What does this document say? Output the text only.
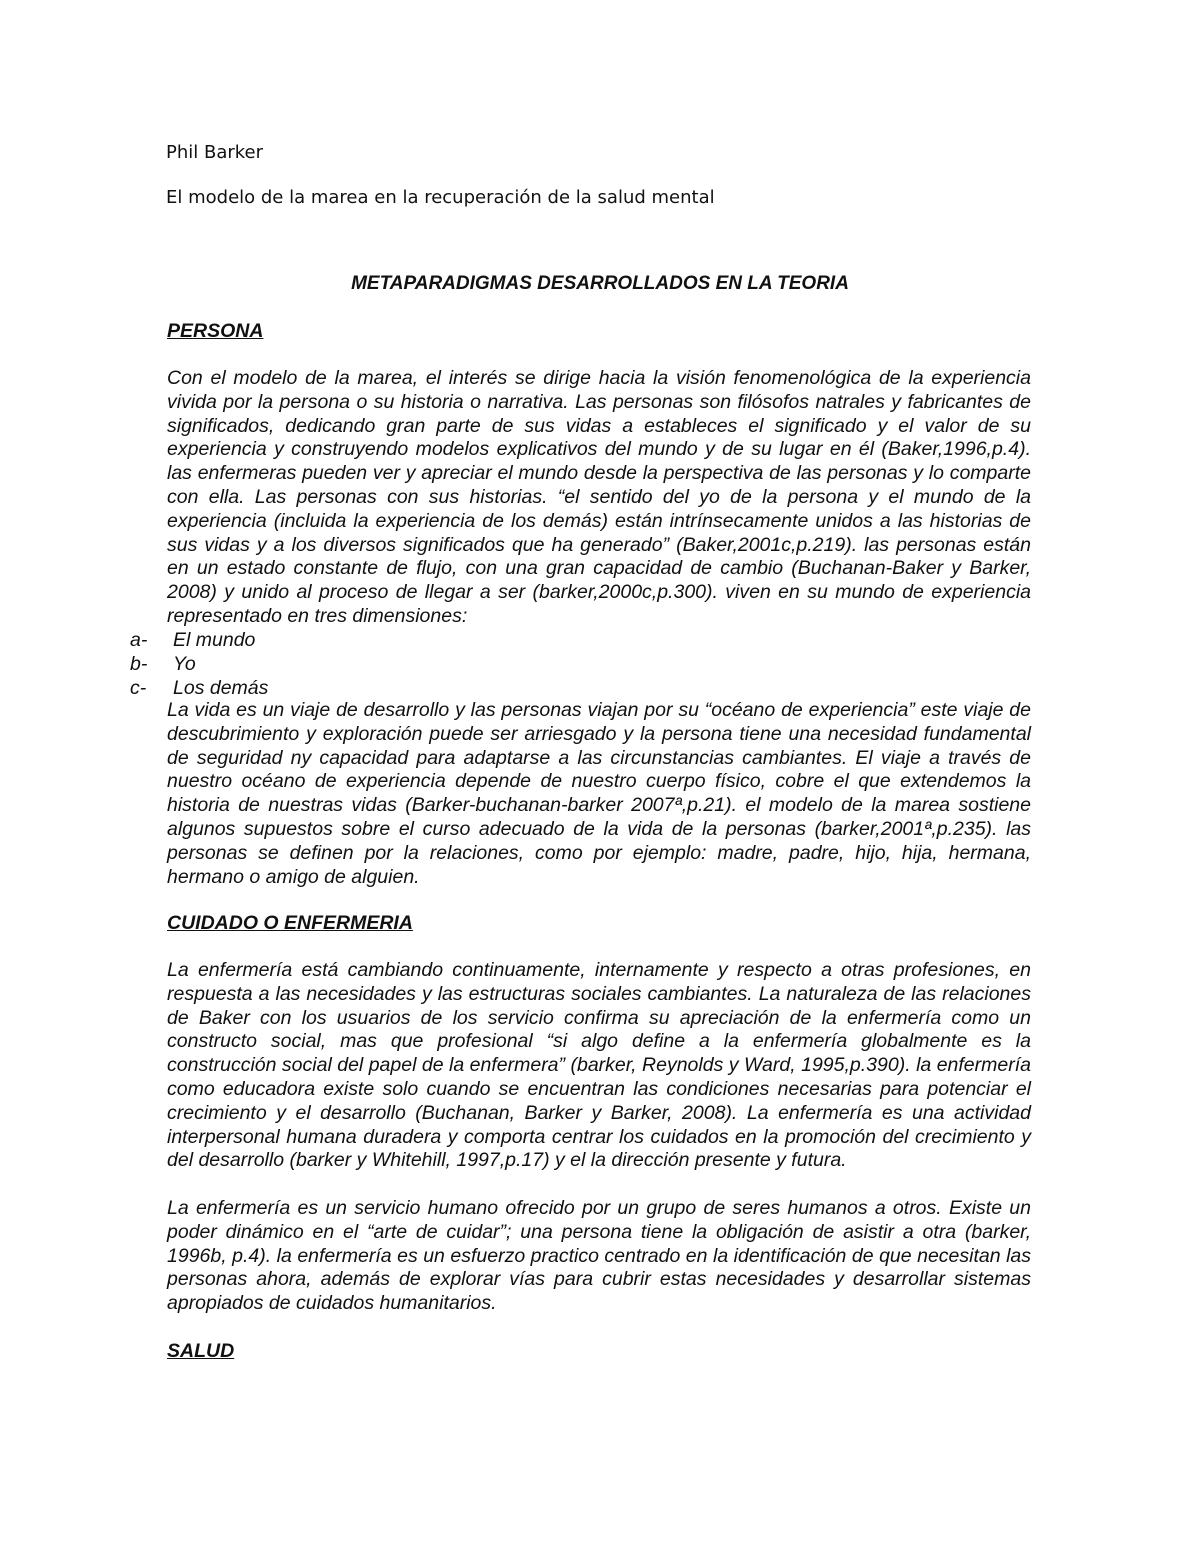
Phil Barker

El modelo de la marea en la recuperación de la salud mental

METAPARADIGMAS DESARROLLADOS EN LA TEORIA
PERSONA

Con el modelo de la marea, el interés se dirige hacia la visión fenomenológica de la experiencia vivida por la persona o su historia o narrativa. Las personas son filósofos natrales y fabricantes de significados, dedicando gran parte de sus vidas a estableces el significado y el valor de su experiencia y construyendo modelos explicativos del mundo y de su lugar en él (Baker,1996,p.4). las enfermeras pueden ver y apreciar el mundo desde la perspectiva de las personas y lo comparte con ella. Las personas con sus historias. “el sentido del yo de la persona y el mundo de la experiencia (incluida la experiencia de los demás) están intrínsecamente unidos a las historias de sus vidas y a los diversos significados que ha generado” (Baker,2001c,p.219). las personas están en un estado constante de flujo, con una gran capacidad de cambio (Buchanan-Baker y Barker, 2008) y unido al proceso de llegar a ser (barker,2000c,p.300). viven en su mundo de experiencia representado en tres dimensiones:

a-	El mundo
b-	Yo
c-	Los demás

La vida es un viaje de desarrollo y las personas viajan por su “océano de experiencia” este viaje de descubrimiento y exploración puede ser arriesgado y la persona tiene una necesidad fundamental de seguridad ny capacidad para adaptarse a las circunstancias cambiantes. El viaje a través de nuestro océano de experiencia depende de nuestro cuerpo físico, cobre el que extendemos la historia de nuestras vidas (Barker-buchanan-barker 2007ª,p.21). el modelo de la marea sostiene algunos supuestos sobre el curso adecuado de la vida de la personas (barker,2001ª,p.235). las personas se definen por la relaciones, como por ejemplo: madre, padre, hijo, hija, hermana, hermano o amigo de alguien.

CUIDADO O ENFERMERIA

La enfermería está cambiando continuamente, internamente y respecto a otras profesiones, en respuesta a las necesidades y las estructuras sociales cambiantes. La naturaleza de las relaciones de Baker con los usuarios de los servicio confirma su apreciación de la enfermería como un constructo social, mas que profesional “si algo define a la enfermería globalmente es la construcción social del papel de la enfermera” (barker, Reynolds y Ward, 1995,p.390). la enfermería como educadora existe solo cuando se encuentran las condiciones necesarias para potenciar el crecimiento y el desarrollo (Buchanan, Barker y Barker, 2008). La enfermería es una actividad interpersonal humana duradera y comporta centrar los cuidados en la promoción del crecimiento y del desarrollo (barker y Whitehill, 1997,p.17) y el la dirección presente y futura.

La enfermería es un servicio humano ofrecido por un grupo de seres humanos a otros. Existe un poder dinámico en el “arte de cuidar”; una persona tiene la obligación de asistir a otra (barker, 1996b, p.4). la enfermería es un esfuerzo practico centrado en la identificación de que necesitan las personas ahora, además de explorar vías para cubrir estas necesidades y desarrollar sistemas apropiados de cuidados humanitarios.

SALUD
